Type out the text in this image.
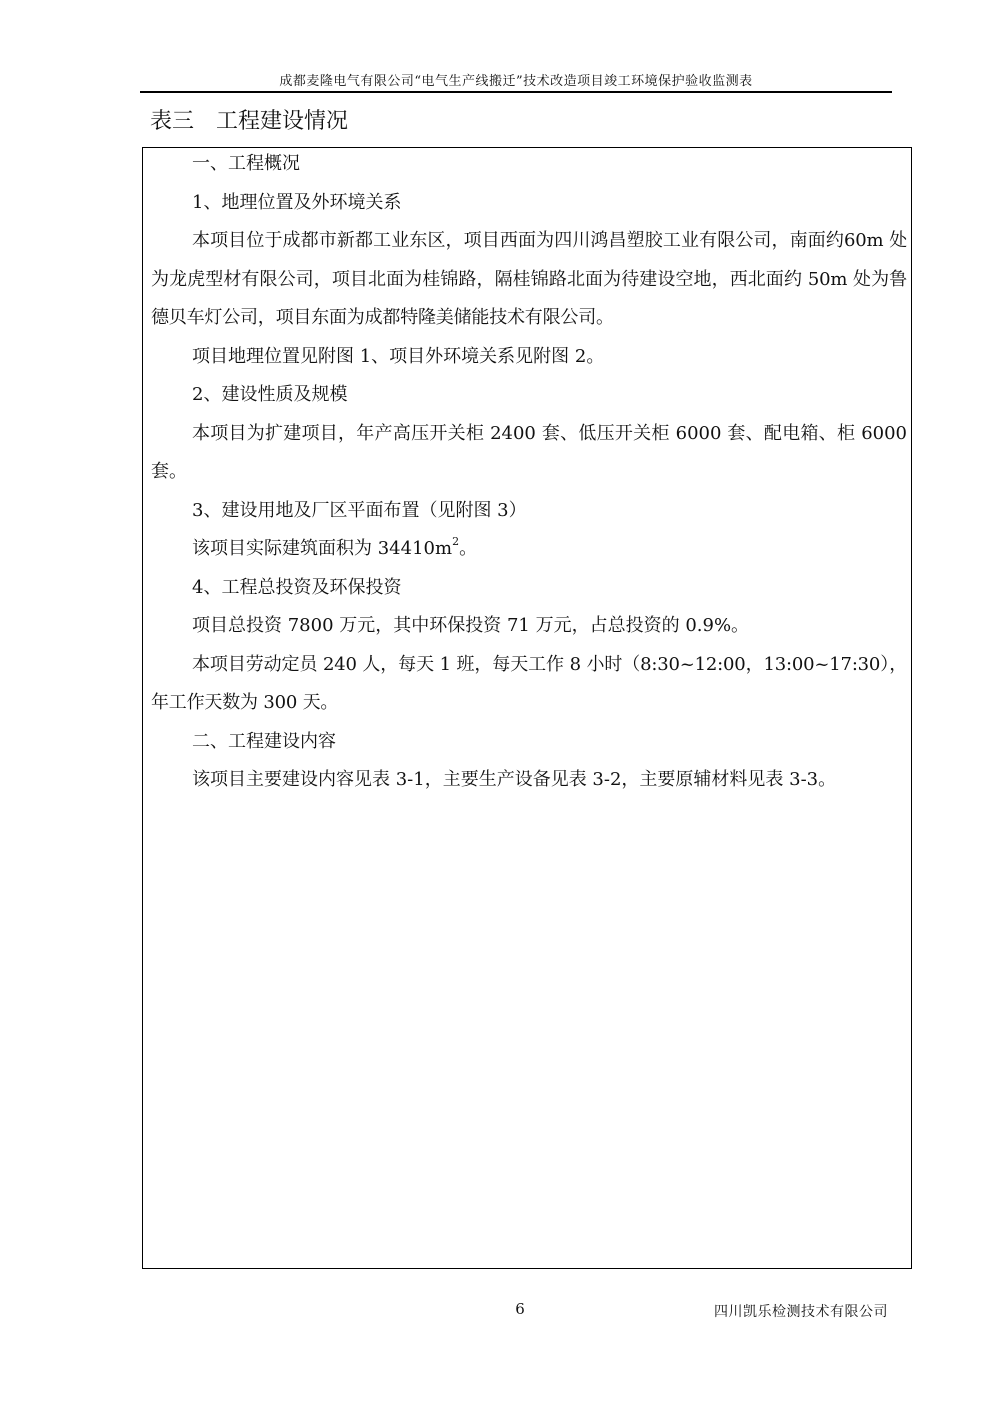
成都麦隆电气有限公司“电气生产线搬迁”技术改造项目竣工环境保护验收监测表
表三 工程建设情况

一、工程概况

1、地理位置及外环境关系

本项目位于成都市新都工业东区，项目西面为四川鸿昌塑胶工业有限公司，南面约60m 处为龙虎型材有限公司，项目北面为桂锦路，隔桂锦路北面为待建设空地，西北面约 50m 处为鲁德贝车灯公司，项目东面为成都特隆美储能技术有限公司。

项目地理位置见附图 1、项目外环境关系见附图 2。

2、建设性质及规模

本项目为扩建项目，年产高压开关柜 2400 套、低压开关柜 6000 套、配电箱、柜 6000 套。

3、建设用地及厂区平面布置（见附图 3）

该项目实际建筑面积为 $34410m^2$。

4、工程总投资及环保投资

项目总投资 7800 万元，其中环保投资 71 万元，占总投资的 0.9%。

本项目劳动定员 240 人，每天 1 班，每天工作 8 小时（8:30~12:00，13:00~17:30），年工作天数为 300 天。

二、工程建设内容

该项目主要建设内容见表 3-1，主要生产设备见表 3-2，主要原辅材料见表 3-3。

6	四川凯乐检测技术有限公司
